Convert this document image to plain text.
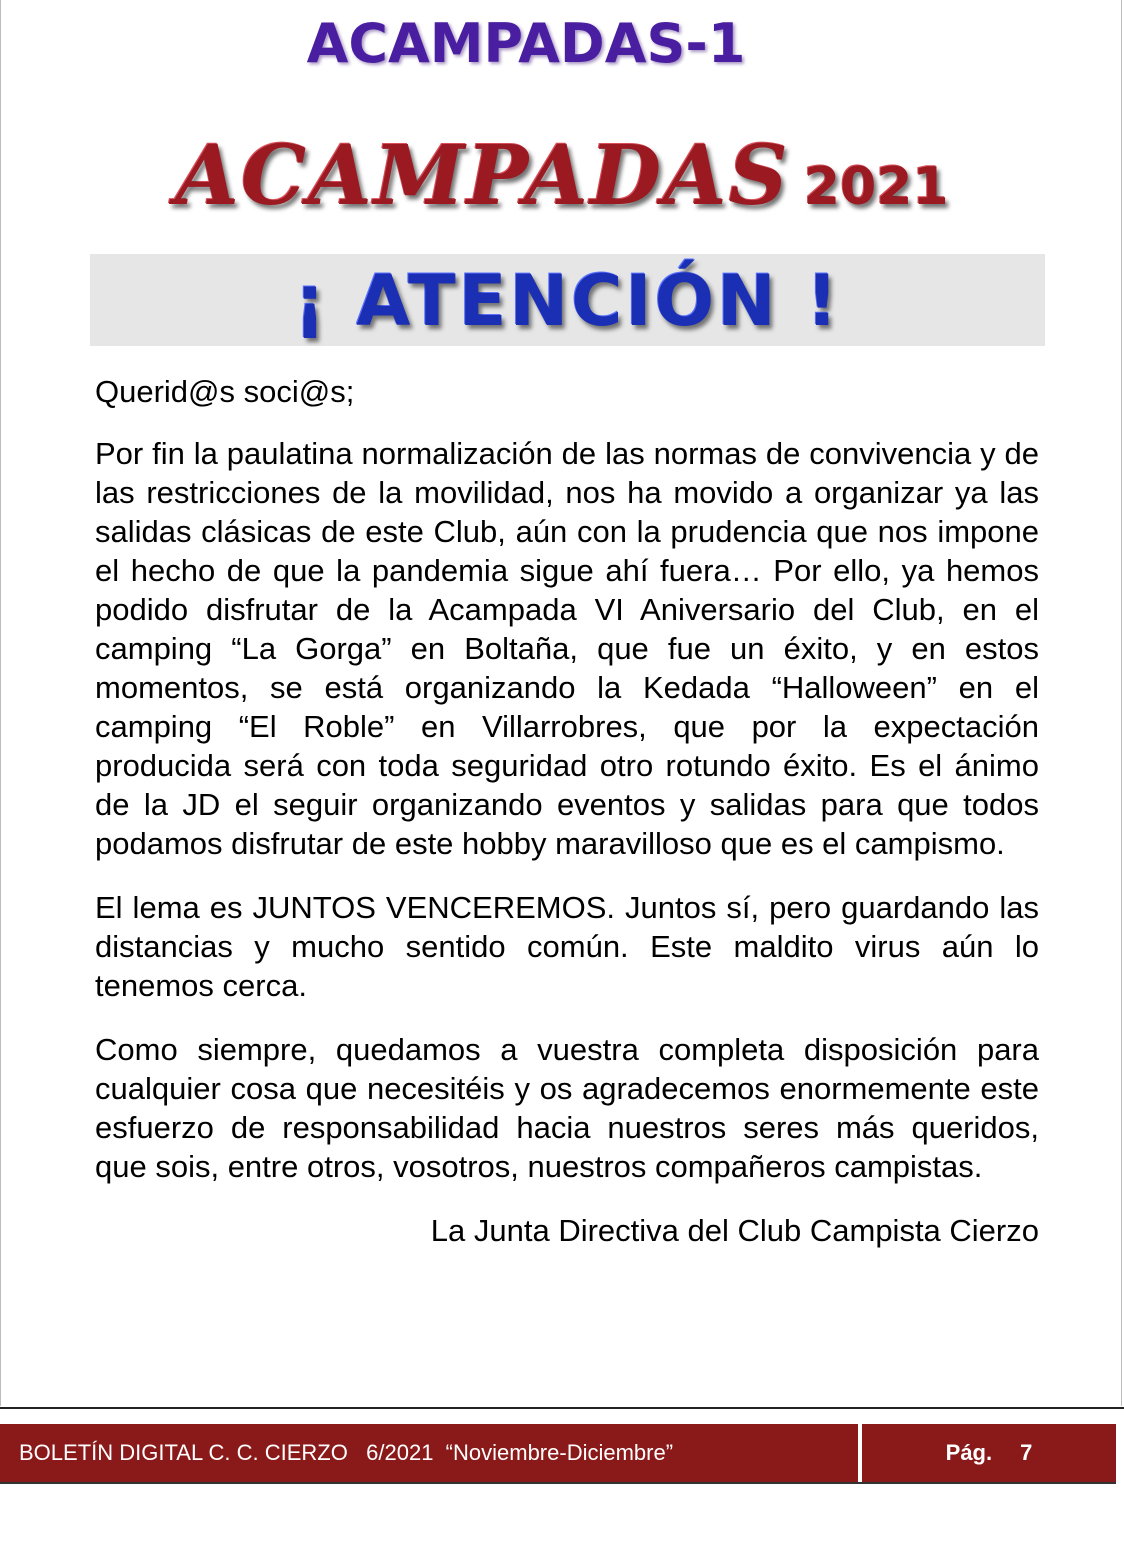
ACAMPADAS-1
ACAMPADAS 2021
¡ ATENCIÓN !

Querid@s soci@s;

Por fin la paulatina normalización de las normas de convivencia y de las restricciones de la movilidad, nos ha movido a organizar ya las salidas clásicas de este Club, aún con la prudencia que nos impone el hecho de que la pandemia sigue ahí fuera… Por ello, ya hemos podido disfrutar de la Acampada VI Aniversario del Club, en el camping “La Gorga” en Boltaña, que fue un éxito, y en estos momentos, se está organizando la Kedada “Halloween” en el camping “El Roble” en Villarrobres, que por la expectación producida será con toda seguridad otro rotundo éxito. Es el ánimo de la JD el seguir organizando eventos y salidas para que todos podamos disfrutar de este hobby maravilloso que es el campismo.

El lema es JUNTOS VENCEREMOS. Juntos sí, pero guardando las distancias y mucho sentido común. Este maldito virus aún lo tenemos cerca.

Como siempre, quedamos a vuestra completa disposición para cualquier cosa que necesitéis y os agradecemos enormemente este esfuerzo de responsabilidad hacia nuestros seres más queridos, que sois, entre otros, vosotros, nuestros compañeros campistas.

La Junta Directiva del Club Campista Cierzo

BOLETÍN DIGITAL C. C. CIERZO   6/2021  “Noviembre-Diciembre”	Pág. 7
